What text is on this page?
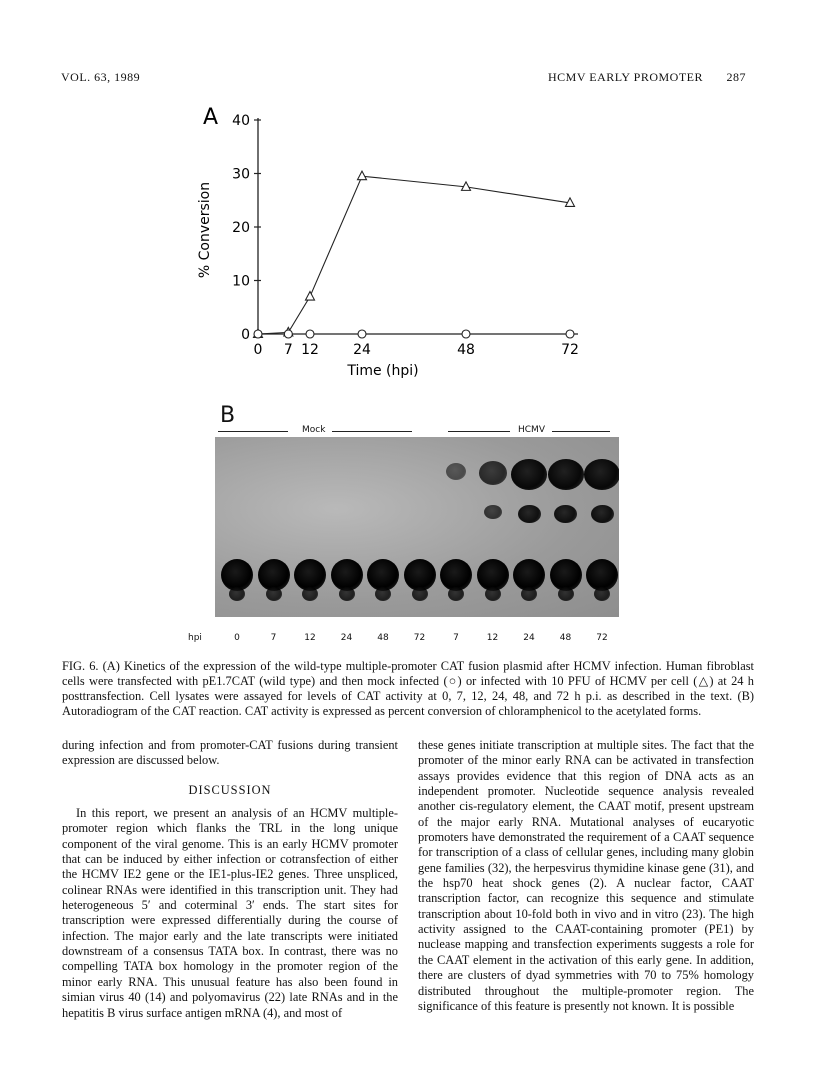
VOL. 63, 1989	HCMV EARLY PROMOTER 287
A
0
10
20
30
40
0 7 12 24	48	72
Time (hpi)
% Conversion
B
Mock	HCMV
hpi	0	7	12	24	48	72	7	12	24	48	72
FIG. 6. (A) Kinetics of the expression of the wild-type multiple-promoter CAT fusion plasmid after HCMV infection. Human fibroblast cells were transfected with pE1.7CAT (wild type) and then mock infected (○) or infected with 10 PFU of HCMV per cell (△) at 24 h posttransfection. Cell lysates were assayed for levels of CAT activity at 0, 7, 12, 24, 48, and 72 h p.i. as described in the text. (B) Autoradiogram of the CAT reaction. CAT activity is expressed as percent conversion of chloramphenicol to the acetylated forms.

during infection and from promoter-CAT fusions during transient expression are discussed below.

DISCUSSION

In this report, we present an analysis of an HCMV multiple-promoter region which flanks the TRL in the long unique component of the viral genome. This is an early HCMV promoter that can be induced by either infection or cotransfection of either the HCMV IE2 gene or the IE1-plus-IE2 genes. Three unspliced, colinear RNAs were identified in this transcription unit. They had heterogeneous 5′ and coterminal 3′ ends. The start sites for transcription were expressed differentially during the course of infection. The major early and the late transcripts were initiated downstream of a consensus TATA box. In contrast, there was no compelling TATA box homology in the promoter region of the minor early RNA. This unusual feature has also been found in simian virus 40 (14) and polyomavirus (22) late RNAs and in the hepatitis B virus surface antigen mRNA (4), and most of

these genes initiate transcription at multiple sites. The fact that the promoter of the minor early RNA can be activated in transfection assays provides evidence that this region of DNA acts as an independent promoter. Nucleotide sequence analysis revealed another cis-regulatory element, the CAAT motif, present upstream of the major early RNA. Mutational analyses of eucaryotic promoters have demonstrated the requirement of a CAAT sequence for transcription of a class of cellular genes, including many globin gene families (32), the herpesvirus thymidine kinase gene (31), and the hsp70 heat shock genes (2). A nuclear factor, CAAT transcription factor, can recognize this sequence and stimulate transcription about 10-fold both in vivo and in vitro (23). The high activity assigned to the CAAT-containing promoter (PE1) by nuclease mapping and transfection experiments suggests a role for the CAAT element in the activation of this early gene. In addition, there are clusters of dyad symmetries with 70 to 75% homology distributed throughout the multiple-promoter region. The significance of this feature is presently not known. It is possible
